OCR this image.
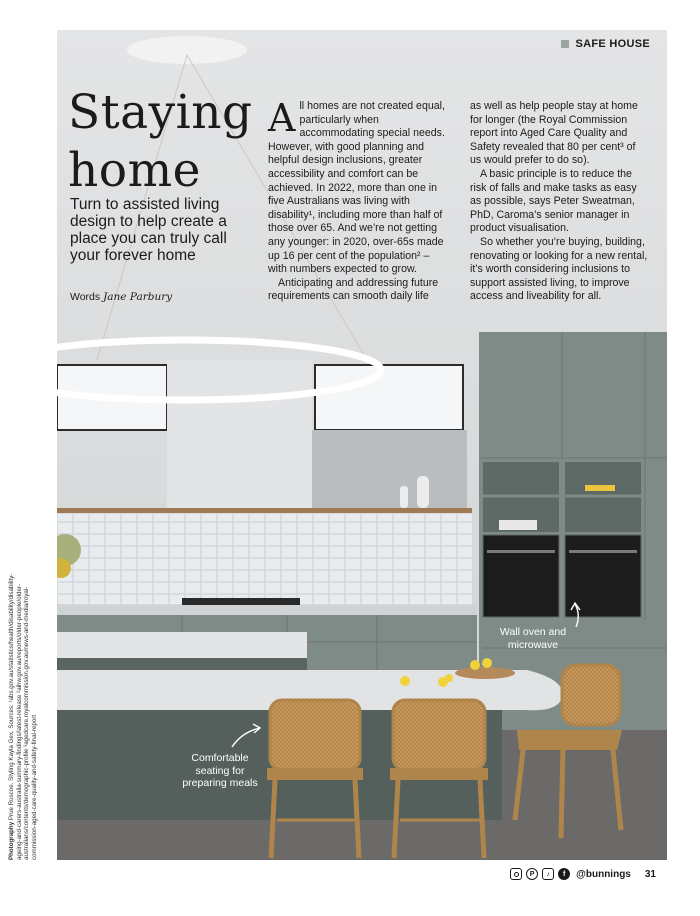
SAFE HOUSE
Staying
home
Turn to assisted living design to help create a place you can truly call your forever home
Words Jane Parbury

All homes are not created equal, particularly when accommodating special needs. However, with good planning and helpful design inclusions, greater accessibility and comfort can be achieved. In 2022, more than one in five Australians was living with disability¹, including more than half of those over 65. And we’re not getting any younger: in 2020, over-65s made up 16 per cent of the population² – with numbers expected to grow.

Anticipating and addressing future requirements can smooth daily life

as well as help people stay at home for longer (the Royal Commission report into Aged Care Quality and Safety revealed that 80 per cent³ of us would prefer to do so).

A basic principle is to reduce the risk of falls and make tasks as easy as possible, says Peter Sweatman, PhD, Caroma’s senior manager in product visualisation.

So whether you’re buying, building, renovating or looking for a new rental, it’s worth considering inclusions to support assisted living, to improve access and liveability for all.

Wall oven and microwave
Comfortable seating for preparing meals
Photography Prue Ruscoe. Styling Kayla Gex. Sources: ¹abs.gov.au/statistics/health/disability/disability-ageing-and-carers-australia-summary-findings/latest-release ²aihw.gov.au/reports/older-people/older-australians/contents/demographic-profile ³agedcare.royalcommission.gov.au/news-and-media/royal-commission-aged-care-quality-and-safety-final-report
P	♪	f	@bunnings 31
